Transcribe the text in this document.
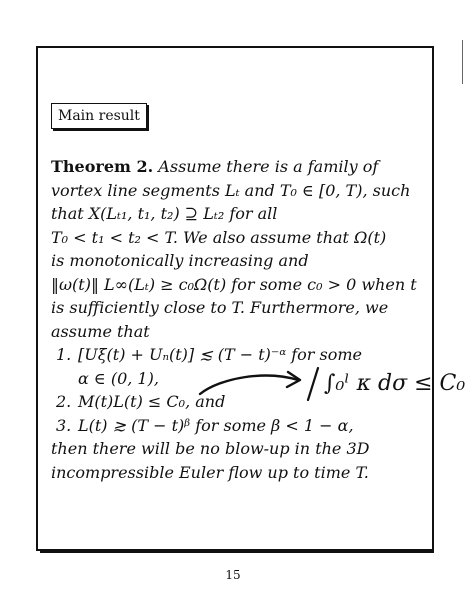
Main result
Theorem 2. Assume there is a family of
vortex line segments Lₜ and T₀ ∈ [0, T), such
that X(Lₜ₁, t₁, t₂) ⊇ Lₜ₂ for all
T₀ < t₁ < t₂ < T. We also assume that Ω(t)
is monotonically increasing and
‖ω(t)‖ L∞(Lₜ) ≥ c₀Ω(t) for some c₀ > 0 when t
is sufficiently close to T. Furthermore, we
assume that
1. [Uξ(t) + Uₙ(t)] ≲ (T − t)⁻ᵅ for some
α ∈ (0, 1),
2. M(t)L(t) ≤ C₀, and
3. L(t) ≳ (T − t)ᵝ for some β < 1 − α,
then there will be no blow-up in the 3D
incompressible Euler flow up to time T.
∫₀ˡ κ dσ ≤ C₀
15
